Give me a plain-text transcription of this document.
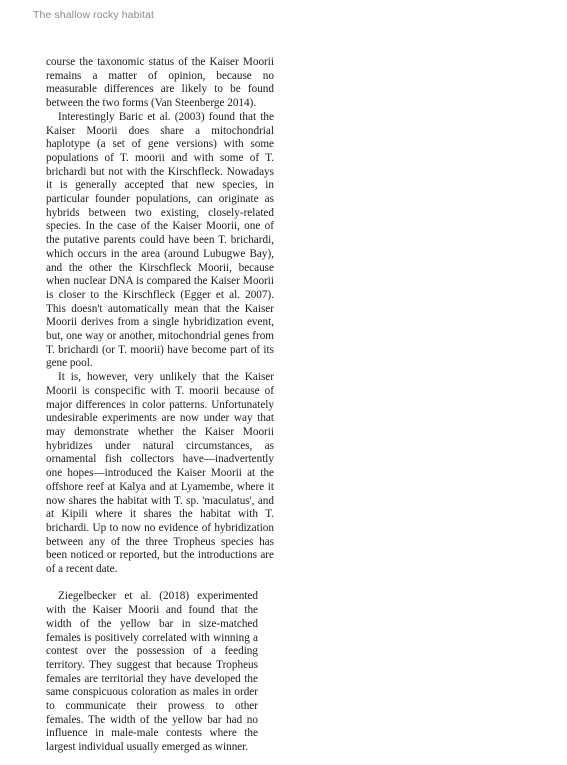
The shallow rocky habitat

course the taxonomic status of the Kaiser Moorii remains a matter of opinion, because no measurable differences are likely to be found between the two forms (Van Steenberge 2014).

Interestingly Baric et al. (2003) found that the Kaiser Moorii does share a mitochondrial haplotype (a set of gene versions) with some populations of T. moorii and with some of T. brichardi but not with the Kirschfleck. Nowadays it is generally accepted that new species, in particular founder populations, can originate as hybrids between two existing, closely-related species. In the case of the Kaiser Moorii, one of the putative parents could have been T. brichardi, which occurs in the area (around Lubugwe Bay), and the other the Kirschfleck Moorii, because when nuclear DNA is compared the Kaiser Moorii is closer to the Kirschfleck (Egger et al. 2007). This doesn't automatically mean that the Kaiser Moorii derives from a single hybridization event, but, one way or another, mitochondrial genes from T. brichardi (or T. moorii) have become part of its gene pool.

It is, however, very unlikely that the Kaiser Moorii is conspecific with T. moorii because of major differences in color patterns. Unfortunately undesirable experiments are now under way that may demonstrate whether the Kaiser Moorii hybridizes under natural circumstances, as ornamental fish collectors have—inadvertently one hopes—introduced the Kaiser Moorii at the offshore reef at Kalya and at Lyamembe, where it now shares the habitat with T. sp. 'maculatus', and at Kipili where it shares the habitat with T. brichardi. Up to now no evidence of hybridization between any of the three Tropheus species has been noticed or reported, but the introductions are of a recent date.

Ziegelbecker et al. (2018) experimented with the Kaiser Moorii and found that the width of the yellow bar in size-matched females is positively correlated with winning a contest over the possession of a feeding territory. They suggest that because Tropheus females are territorial they have developed the same conspicuous coloration as males in order to communicate their prowess to other females. The width of the yellow bar had no influence in male-male contests where the largest individual usually emerged as winner.
